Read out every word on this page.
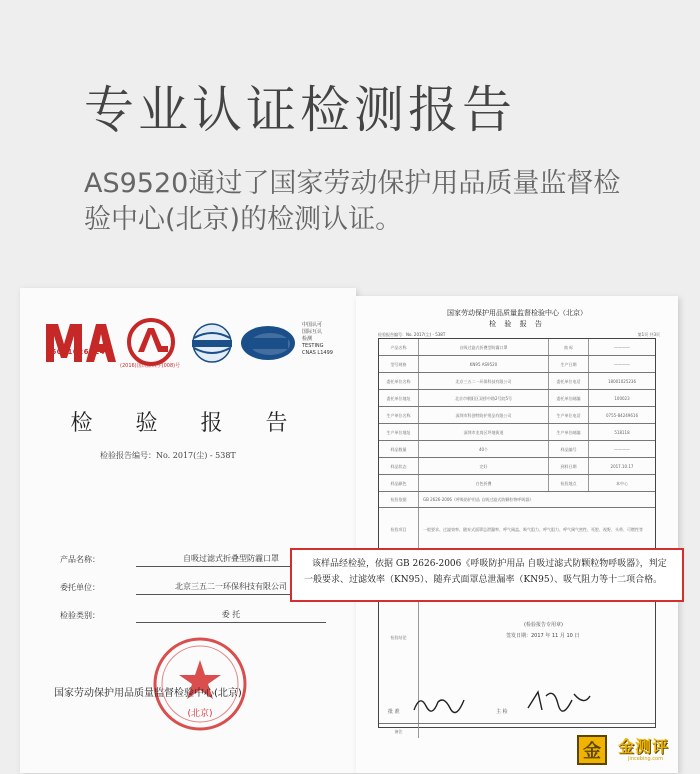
专业认证检测报告
AS9520通过了国家劳动保护用品质量监督检验中心(北京)的检测认证。
中国认可
国际互认
检测
TESTING
CNAS L1499
160010260248
(2016)国认监认字(008)号
检 验 报 告
检验报告编号：No. 2017(尘) - 538T
产品名称：	自吸过滤式折叠型防霾口罩
委托单位：	北京三五二一环保科技有限公司
检验类别：	委 托
(北京)
国家劳动保护用品质量监督检验中心(北京)
国家劳动保护用品质量监督检验中心（北京）
检 验 报 告
检验报告编号：No. 2017(尘) - 538T	第1页 共3页
产品名称	自吸过滤式折叠型防霾口罩	商 标	————
型号规格	KN95 AS9520	生产日期	————
委托单位名称	北京三五二一环保科技有限公司	委托单位电话	18001025236
委托单位地址	北京市朝阳区双桥中路2号院5号	委托单位邮编	100023
生产单位名称	深圳市科创特防护用品有限公司	生产单位电话	0755-84249616
生产单位地址	深圳市龙岗区坪地街道	生产单位邮编	518118
样品数量	40个	样品编号	————
样品状态	完好	到样日期	2017.10.17
样品颜色	白色折叠	检验地点	本中心
检验依据	GB 2626-2006《呼吸防护用品 自吸过滤式防颗粒物呼吸器》
检验项目	一般要求、过滤效率、随弃式面罩总泄漏率、呼气阀盖、吸气阻力、呼气阻力、呼气阀气密性、死腔、视野、头带、可燃性等
检验结论
备注
(检验报告专用章)
签发日期：2017 年 11 月 10 日
批 准	主 检
该样品经检验，依据 GB 2626-2006《呼吸防护用品 自吸过滤式防颗粒物呼吸器》，判定一般要求、过滤效率（KN95）、随弃式面罩总泄漏率（KN95）、吸气阻力等十二项合格。
金 金测评
jincebing.com
